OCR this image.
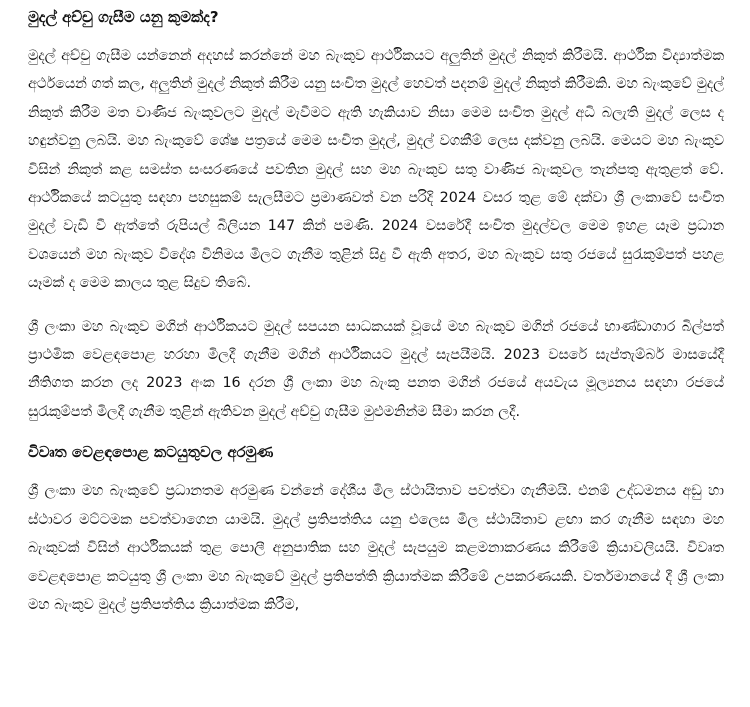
මුදල් අච්චු ගැසීම යනු කුමක්ද?

මුදල් අච්චු ගැසීම යන්නෙන් අදහස් කරන්නේ මහ බැංකුව ආර්ථිකයට අලුතින් මුදල් නිකුත් කිරීමයි. ආර්ථික විද්‍යාත්මක අර්ථයෙන් ගත් කල, අලුතින් මුදල් නිකුත් කිරීම යනු සංචිත මුදල් හෙවත් පදනම් මුදල් නිකුත් කිරීමකි. මහ බැංකුවේ මුදල් නිකුත් කිරීම මත වාණිජ බැංකුවලට මුදල් මැවීමට ඇති හැකියාව නිසා මෙම සංචිත මුදල් අධි බලැති මුදල් ලෙස ද හඳුන්වනු ලබයි. මහ බැංකුවේ ශේෂ පත්‍රයේ මෙම සංචිත මුදල්, මුදල් වගකීම් ලෙස දක්වනු ලබයි. මෙයට මහ බැංකුව විසින් නිකුත් කළ සමස්ත සංසරණයේ පවතින මුදල් සහ මහ බැංකුව සතු වාණිජ බැංකුවල තැන්පතු ඇතුළත් වේ. ආර්ථිකයේ කටයුතු සඳහා පහසුකම් සැලසීමට ප්‍රමාණවත් වන පරිදි 2024 වසර තුළ මේ දක්වා ශ්‍රී ලංකාවේ සංචිත මුදල් වැඩි වී ඇත්තේ රුපියල් බිලියන 147 කින් පමණි. 2024 වසරේදී සංචිත මුදල්වල මෙම ඉහළ යෑම ප්‍රධාන වශයෙන් මහ බැංකුව විදේශ විනිමය මිලට ගැනීම තුළින් සිදු වී ඇති අතර, මහ බැංකුව සතු රජයේ සුරැකුම්පත් පහළ යෑමක් ද මෙම කාලය තුළ සිදුව තිබේ.

ශ්‍රී ලංකා මහ බැංකුව මගින් ආර්ථිකයට මුදල් සපයන සාධකයක් වූයේ මහ බැංකුව මගින් රජයේ භාණ්ඩාගාර බිල්පත් ප්‍රාථමික වෙළඳපොළ හරහා මිලදී ගැනීම මගින් ආර්ථිකයට මුදල් සැපයීමයි. 2023 වසරේ සැප්තැම්බර් මාසයේදී නීතිගත කරන ලද 2023 අංක 16 දරන ශ්‍රී ලංකා මහ බැංකු පනත මගින් රජයේ අයවැය මූල්‍යනය සඳහා රජයේ සුරැකුම්පත් මිලදී ගැනීම තුළින් ඇතිවන මුදල් අච්චු ගැසීම මුළුමනින්ම සීමා කරන ලදී.

විවෘත වෙළඳපොළ කටයුතුවල අරමුණ

ශ්‍රී ලංකා මහ බැංකුවේ ප්‍රධානතම අරමුණ වන්නේ දේශීය මිල ස්ථායිතාව පවත්වා ගැනීමයි. එනම් උද්ධමනය අඩු හා ස්ථාවර මට්ටමක පවත්වාගෙන යාමයි. මුදල් ප්‍රතිපත්තිය යනු එලෙස මිල ස්ථායිතාව ළඟා කර ගැනීම සඳහා මහ බැංකුවක් විසින් ආර්ථිකයක් තුළ පොලී අනුපාතික සහ මුදල් සැපයුම කළමනාකරණය කිරීමේ ක්‍රියාවලියයි. විවෘත වෙළඳපොළ කටයුතු ශ්‍රී ලංකා මහ බැංකුවේ මුදල් ප්‍රතිපත්ති ක්‍රියාත්මක කිරීමේ උපකරණයකි. වර්තමානයේ දී ශ්‍රී ලංකා මහ බැංකුව මුදල් ප්‍රතිපත්තිය ක්‍රියාත්මක කිරීම,
